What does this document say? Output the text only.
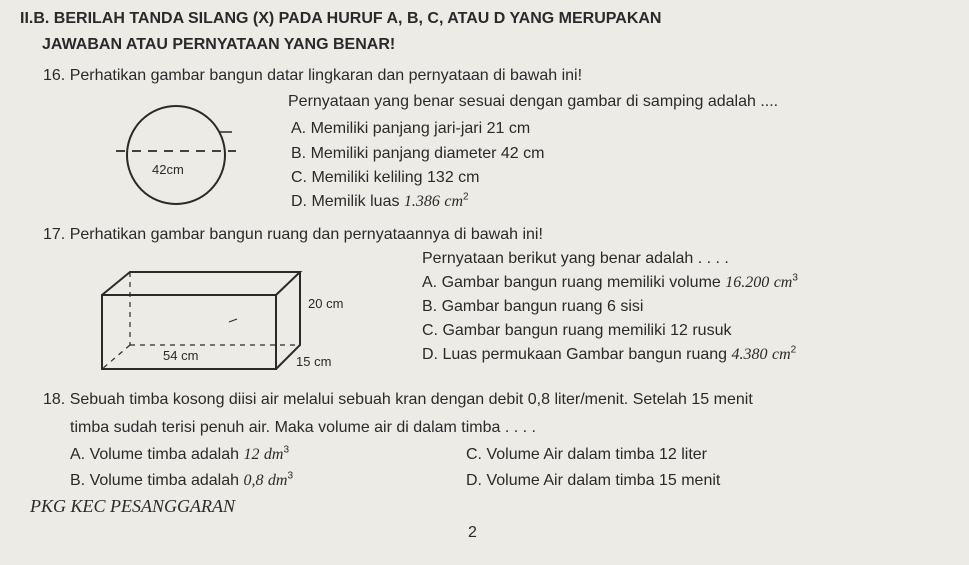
II.B. BERILAH TANDA SILANG (X) PADA HURUF A, B, C, ATAU D YANG MERUPAKAN
JAWABAN ATAU PERNYATAAN YANG BENAR!
16. Perhatikan gambar bangun datar lingkaran dan pernyataan di bawah ini!
Pernyataan yang benar sesuai dengan gambar di samping adalah ....
42cm
A. Memiliki panjang jari-jari 21 cm
B. Memiliki panjang diameter 42 cm
C. Memiliki keliling 132 cm
D. Memilik luas 1.386 $cm^2$
17. Perhatikan gambar bangun ruang dan pernyataannya di bawah ini!
Pernyataan berikut yang benar adalah . . . .
20 cm
54 cm	15 cm
A. Gambar bangun ruang memiliki volume 16.200 $cm^3$
B. Gambar bangun ruang 6 sisi
C. Gambar bangun ruang memiliki 12 rusuk
D. Luas permukaan Gambar bangun ruang 4.380 $cm^2$
18. Sebuah timba kosong diisi air melalui sebuah kran dengan debit 0,8 liter/menit. Setelah 15 menit
timba sudah terisi penuh air. Maka volume air di dalam timba . . . .
A. Volume timba adalah 12 $dm^3$	C. Volume Air dalam timba 12 liter
B. Volume timba adalah 0,8 $dm^3$	D. Volume Air dalam timba 15 menit
PKG KEC PESANGGARAN
2
